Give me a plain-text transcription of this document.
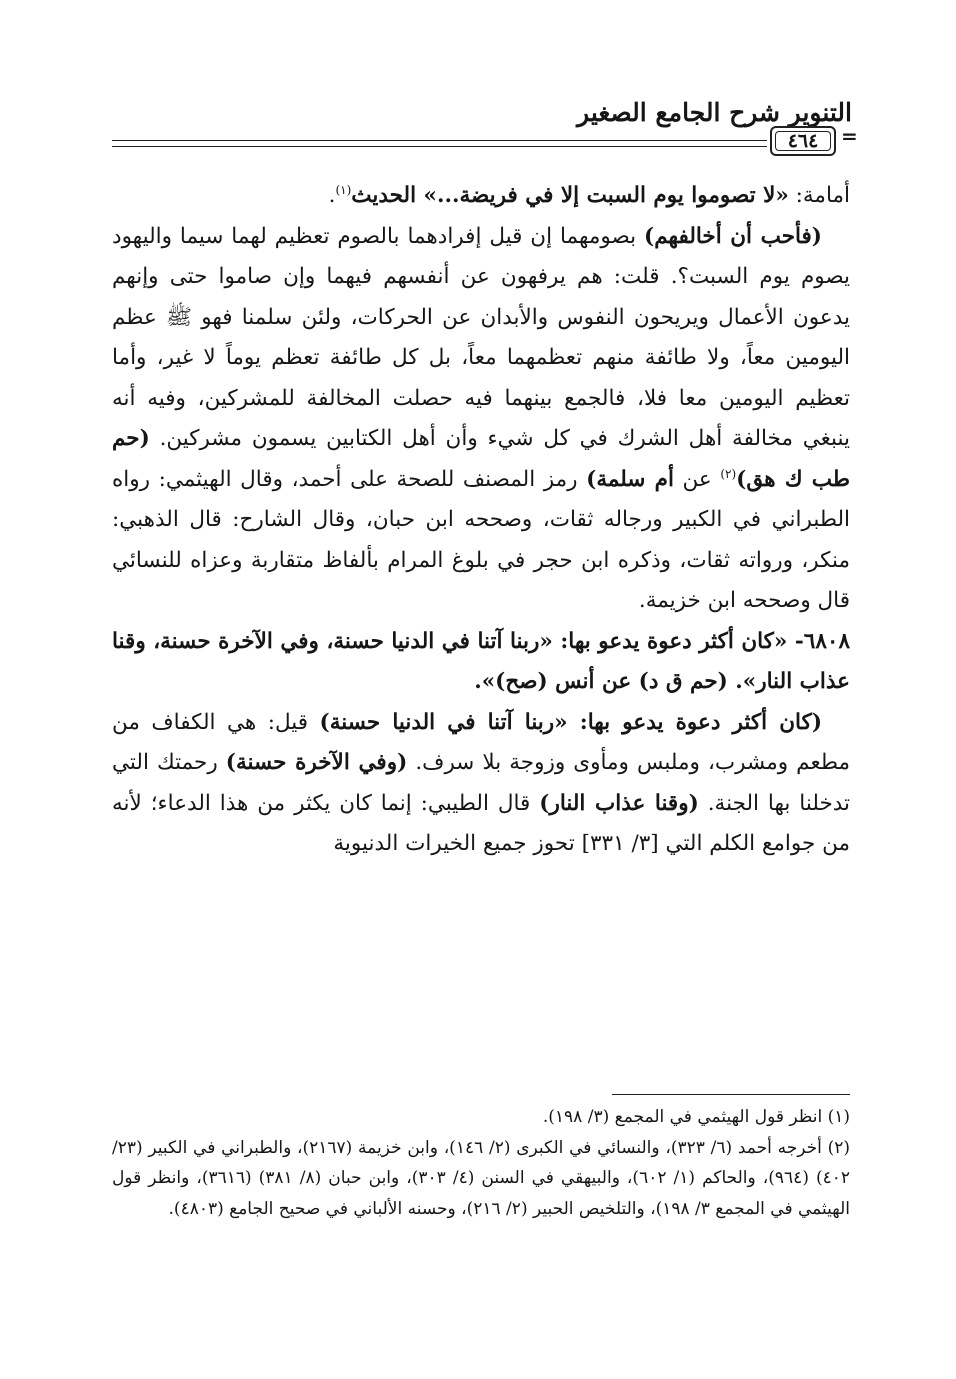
التنوير شرح الجامع الصغير
٤٦٤	=

أمامة: «لا تصوموا يوم السبت إلا في فريضة...» الحديث$^{(١)}$.

(فأحب أن أخالفهم) بصومهما إن قيل إفرادهما بالصوم تعظيم لهما سيما واليهود يصوم يوم السبت؟. قلت: هم يرفهون عن أنفسهم فيهما وإن صاموا حتى وإنهم يدعون الأعمال ويريحون النفوس والأبدان عن الحركات، ولئن سلمنا فهو ﷺ عظم اليومين معاً، ولا طائفة منهم تعظمهما معاً، بل كل طائفة تعظم يوماً لا غير، وأما تعظيم اليومين معا فلا، فالجمع بينهما فيه حصلت المخالفة للمشركين، وفيه أنه ينبغي مخالفة أهل الشرك في كل شيء وأن أهل الكتابين يسمون مشركين. (حم طب ك هق)$^{(٢)}$ عن أم سلمة) رمز المصنف للصحة على أحمد، وقال الهيثمي: رواه الطبراني في الكبير ورجاله ثقات، وصححه ابن حبان، وقال الشارح: قال الذهبي: منكر، ورواته ثقات، وذكره ابن حجر في بلوغ المرام بألفاظ متقاربة وعزاه للنسائي قال وصححه ابن خزيمة.

٦٨٠٨- «كان أكثر دعوة يدعو بها: «ربنا آتنا في الدنيا حسنة، وفي الآخرة حسنة، وقنا عذاب النار». (حم ق د) عن أنس (صح)».

(كان أكثر دعوة يدعو بها: «ربنا آتنا في الدنيا حسنة) قيل: هي الكفاف من مطعم ومشرب، وملبس ومأوى وزوجة بلا سرف. (وفي الآخرة حسنة) رحمتك التي تدخلنا بها الجنة. (وقنا عذاب النار) قال الطيبي: إنما كان يكثر من هذا الدعاء؛ لأنه من جوامع الكلم التي [٣/ ٣٣١] تحوز جميع الخيرات الدنيوية

(١) انظر قول الهيثمي في المجمع (٣/ ١٩٨).

(٢) أخرجه أحمد (٦/ ٣٢٣)، والنسائي في الكبرى (٢/ ١٤٦)، وابن خزيمة (٢١٦٧)، والطبراني في الكبير (٢٣/ ٤٠٢) (٩٦٤)، والحاكم (١/ ٦٠٢)، والبيهقي في السنن (٤/ ٣٠٣)، وابن حبان (٨/ ٣٨١) (٣٦١٦)، وانظر قول الهيثمي في المجمع ٣/ ١٩٨)، والتلخيص الحبير (٢/ ٢١٦)، وحسنه الألباني في صحيح الجامع (٤٨٠٣).
